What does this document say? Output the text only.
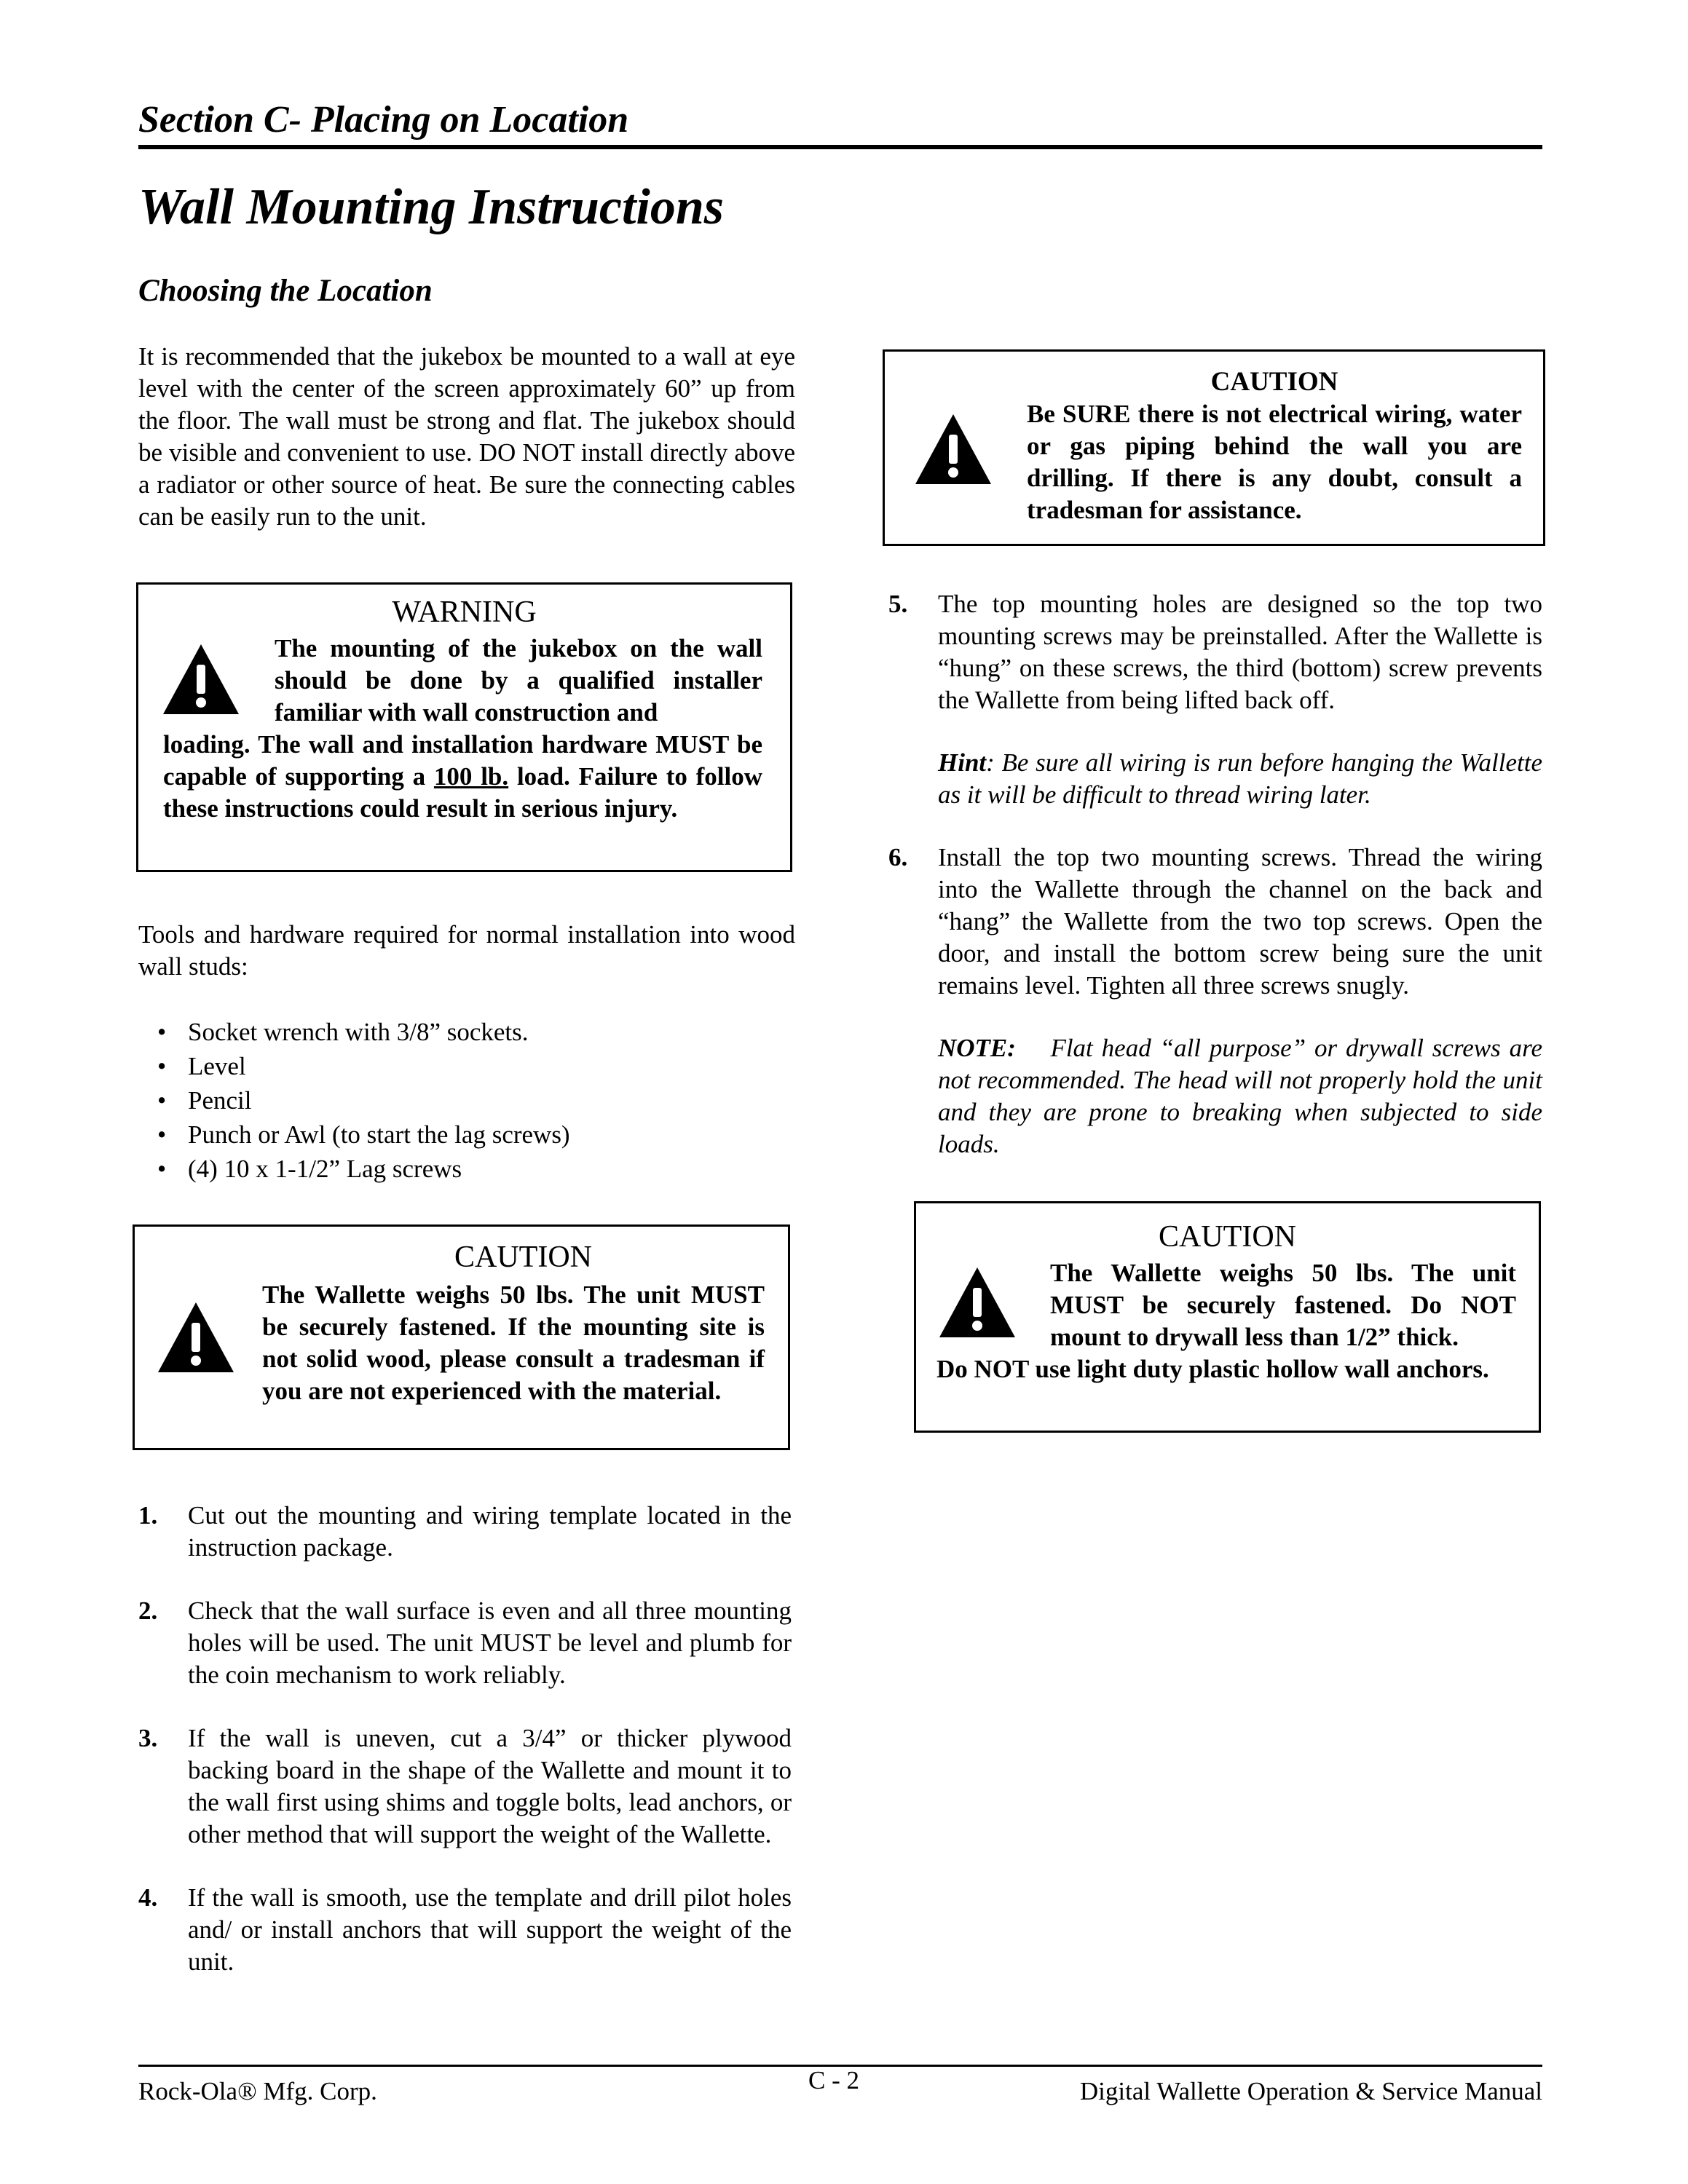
Section C- Placing on Location
Wall Mounting Instructions
Choosing the Location
It is recommended that the jukebox be mounted to a wall at eye level with the center of the screen approximately 60” up from the floor. The wall must be strong and flat. The jukebox should be visible and convenient to use. DO NOT install directly above a radiator or other source of heat. Be sure the connecting cables can be easily run to the unit.
WARNING
The mounting of the jukebox on the wall should be done by a qualified installer familiar with wall construction and
loading. The wall and installation hardware MUST be capable of supporting a 100 lb. load. Failure to follow these instructions could result in serious injury.
Tools and hardware required for normal installation into wood wall studs:
• Socket wrench with 3/8” sockets.
• Level
• Pencil
• Punch or Awl (to start the lag screws)
• (4) 10 x 1-1/2” Lag screws
CAUTION
The Wallette weighs 50 lbs. The unit MUST be securely fastened. If the mounting site is not solid wood, please consult a tradesman if you are not experienced with the material.
1. Cut out the mounting and wiring template located in the instruction package.
2. Check that the wall surface is even and all three mounting holes will be used. The unit MUST be level and plumb for the coin mechanism to work reliably.
3. If the wall is uneven, cut a 3/4” or thicker plywood backing board in the shape of the Wallette and mount it to the wall first using shims and toggle bolts, lead anchors, or other method that will support the weight of the Wallette.
4. If the wall is smooth, use the template and drill pilot holes and/ or install anchors that will support the weight of the unit.
CAUTION
Be SURE there is not electrical wiring, water or gas piping behind the wall you are drilling. If there is any doubt, consult a tradesman for assistance.
5. The top mounting holes are designed so the top two mounting screws may be preinstalled. After the Wallette is “hung” on these screws, the third (bottom) screw prevents the Wallette from being lifted back off.
Hint: Be sure all wiring is run before hanging the Wallette as it will be difficult to thread wiring later.
6. Install the top two mounting screws. Thread the wiring into the Wallette through the channel on the back and “hang” the Wallette from the two top screws. Open the door, and install the bottom screw being sure the unit remains level. Tighten all three screws snugly.
NOTE: Flat head “all purpose” or drywall screws are not recommended. The head will not properly hold the unit and they are prone to breaking when subjected to side loads.
CAUTION
The Wallette weighs 50 lbs. The unit MUST be securely fastened. Do NOT mount to drywall less than 1/2” thick.
Do NOT use light duty plastic hollow wall anchors.
Rock-Ola® Mfg. Corp.	C - 2	Digital Wallette Operation & Service Manual
